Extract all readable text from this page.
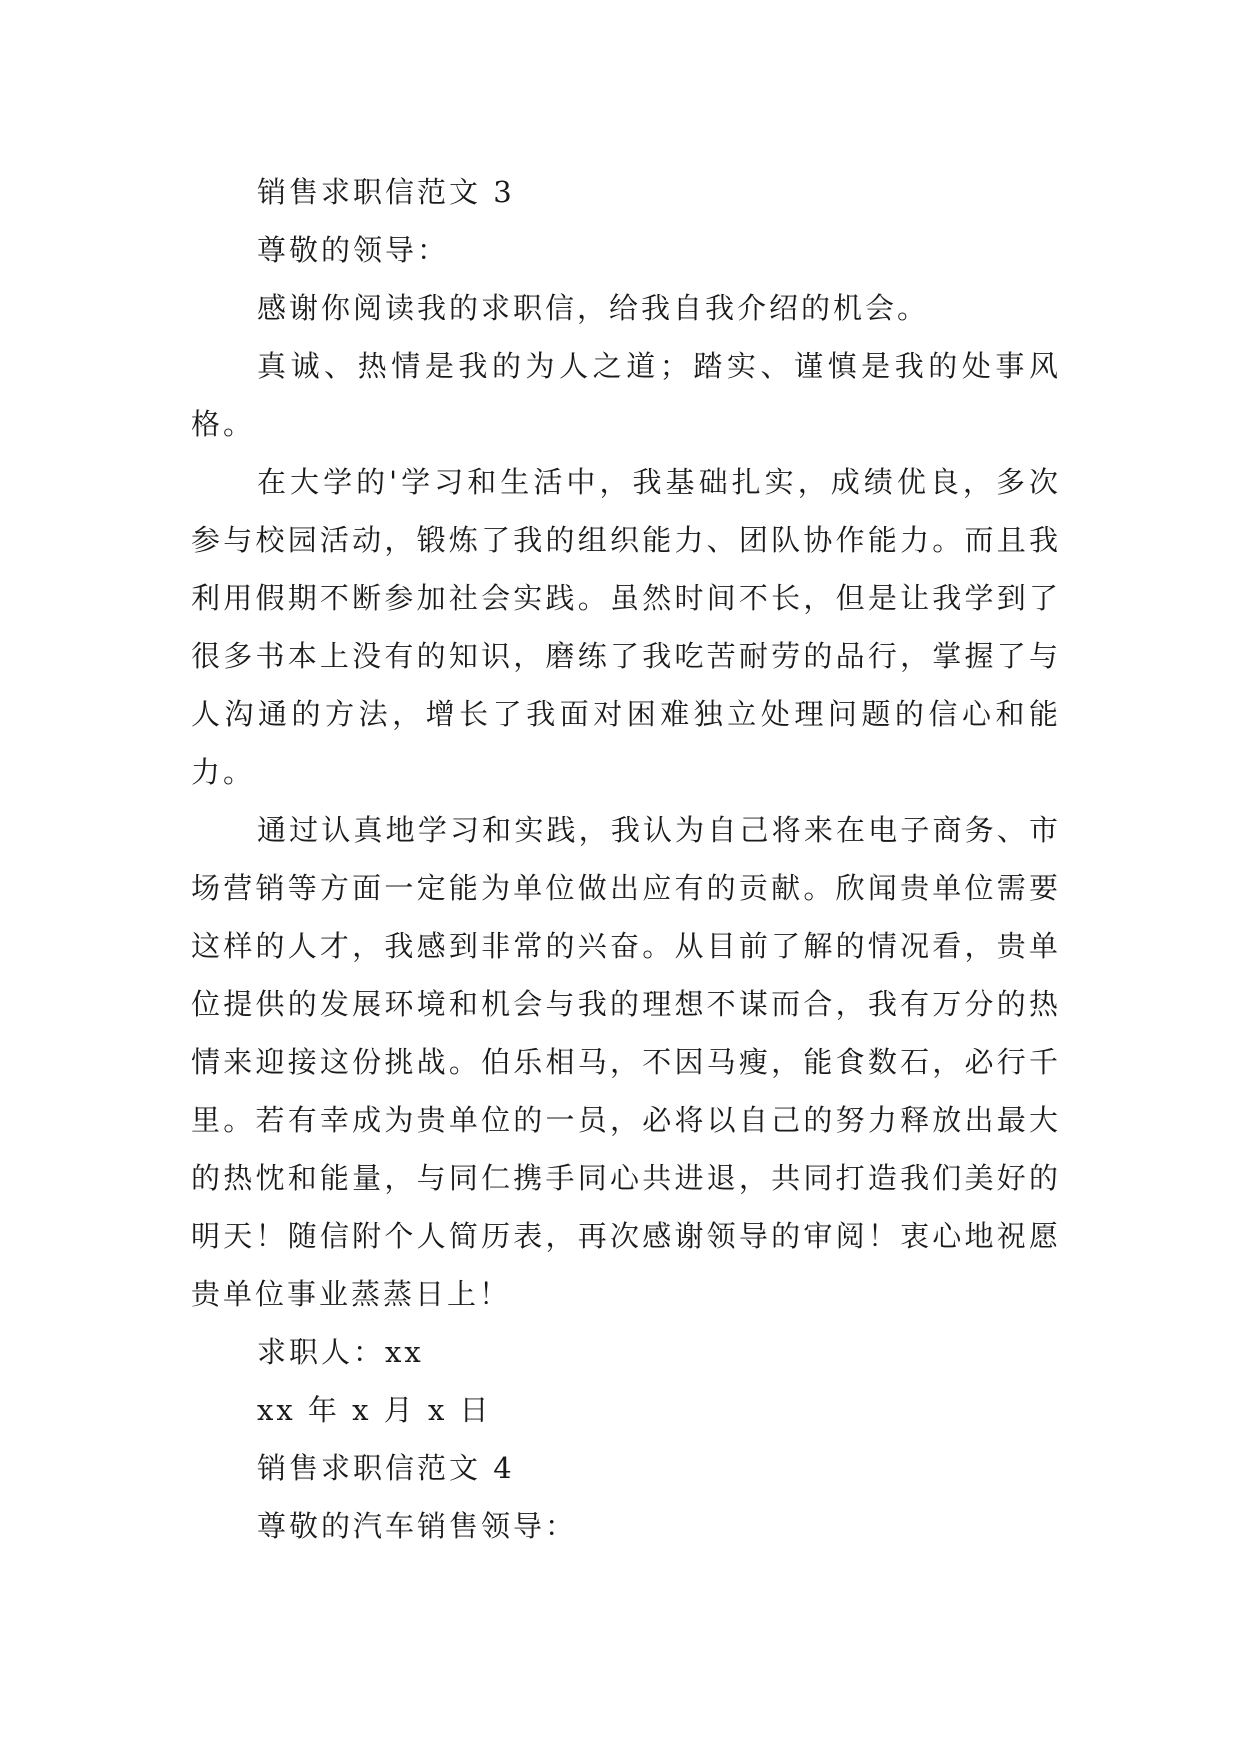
销售求职信范文 3

尊敬的领导：

感谢你阅读我的求职信，给我自我介绍的机会。

真诚、热情是我的为人之道；踏实、谨慎是我的处事风格。

在大学的'学习和生活中，我基础扎实，成绩优良，多次参与校园活动，锻炼了我的组织能力、团队协作能力。而且我利用假期不断参加社会实践。虽然时间不长，但是让我学到了很多书本上没有的知识，磨练了我吃苦耐劳的品行，掌握了与人沟通的方法，增长了我面对困难独立处理问题的信心和能力。

通过认真地学习和实践，我认为自己将来在电子商务、市场营销等方面一定能为单位做出应有的贡献。欣闻贵单位需要这样的人才，我感到非常的兴奋。从目前了解的情况看，贵单位提供的发展环境和机会与我的理想不谋而合，我有万分的热情来迎接这份挑战。伯乐相马，不因马瘦，能食数石，必行千里。若有幸成为贵单位的一员，必将以自己的努力释放出最大的热忱和能量，与同仁携手同心共进退，共同打造我们美好的明天！随信附个人简历表，再次感谢领导的审阅！衷心地祝愿贵单位事业蒸蒸日上！

求职人：xx

xx 年 x 月 x 日

销售求职信范文 4

尊敬的汽车销售领导：
